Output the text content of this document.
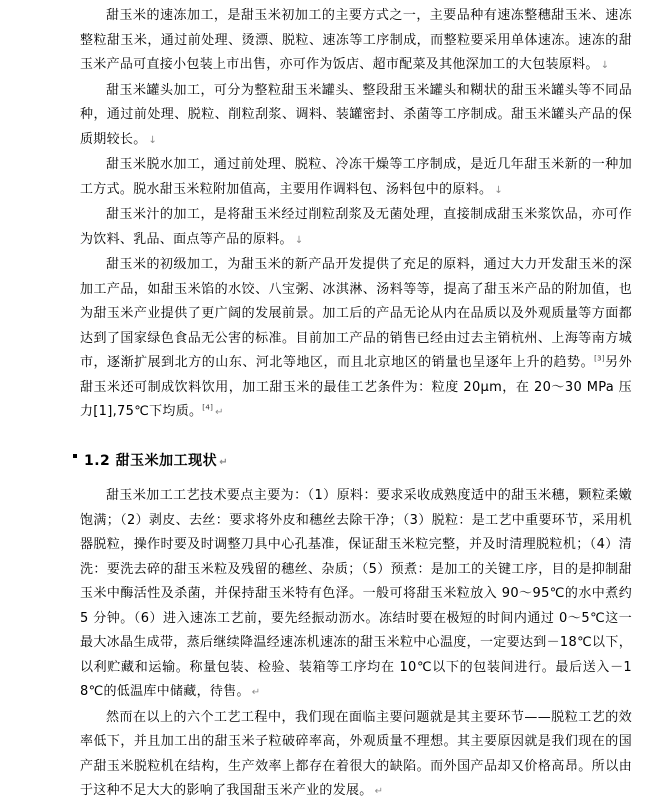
甜玉米的速冻加工，是甜玉米初加工的主要方式之一，主要品种有速冻整穗甜玉米、速冻整粒甜玉米，通过前处理、烫漂、脱粒、速冻等工序制成，而整粒要采用单体速冻。速冻的甜玉米产品可直接小包装上市出售，亦可作为饭店、超市配菜及其他深加工的大包装原料。 ↓

甜玉米罐头加工，可分为整粒甜玉米罐头、整段甜玉米罐头和糊状的甜玉米罐头等不同品种，通过前处理、脱粒、削粒刮浆、调料、装罐密封、杀菌等工序制成。甜玉米罐头产品的保质期较长。 ↓

甜玉米脱水加工，通过前处理、脱粒、冷冻干燥等工序制成，是近几年甜玉米新的一种加工方式。脱水甜玉米粒附加值高，主要用作调料包、汤料包中的原料。 ↓

甜玉米汁的加工，是将甜玉米经过削粒刮浆及无菌处理，直接制成甜玉米浆饮品，亦可作为饮料、乳品、面点等产品的原料。 ↓

甜玉米的初级加工，为甜玉米的新产品开发提供了充足的原料，通过大力开发甜玉米的深加工产品，如甜玉米馅的水饺、八宝粥、冰淇淋、汤料等等，提高了甜玉米产品的附加值，也为甜玉米产业提供了更广阔的发展前景。加工后的产品无论从内在品质以及外观质量等方面都达到了国家绿色食品无公害的标准。目前加工产品的销售已经由过去主销杭州、上海等南方城市，逐渐扩展到北方的山东、河北等地区，而且北京地区的销量也呈逐年上升的趋势。[3]另外甜玉米还可制成饮料饮用，加工甜玉米的最佳工艺条件为：粒度 20μm，在 20～30 MPa 压力[1],75℃下均质。[4] ↵

1.2 甜玉米加工现状 ↵

甜玉米加工工艺技术要点主要为：（1）原料：要求采收成熟度适中的甜玉米穗，颗粒柔嫩饱满；（2）剥皮、去丝：要求将外皮和穗丝去除干净；（3）脱粒：是工艺中重要环节，采用机器脱粒，操作时要及时调整刀具中心孔基准，保证甜玉米粒完整，并及时清理脱粒机；（4）清洗：要洗去碎的甜玉米粒及残留的穗丝、杂质；（5）预煮：是加工的关键工序，目的是抑制甜玉米中酶活性及杀菌，并保持甜玉米特有色泽。一般可将甜玉米粒放入 90～95℃的水中煮约 5 分钟。（6）进入速冻工艺前，要先经振动沥水。冻结时要在极短的时间内通过 0～5℃这一最大冰晶生成带，蒸后继续降温经速冻机速冻的甜玉米粒中心温度，一定要达到－18℃以下，以利贮藏和运输。称量包装、检验、装箱等工序均在 10℃以下的包装间进行。最后送入－18℃的低温库中储藏，待售。 ↵

然而在以上的六个工艺工程中，我们现在面临主要问题就是其主要环节——脱粒工艺的效率低下，并且加工出的甜玉米子粒破碎率高，外观质量不理想。其主要原因就是我们现在的国产甜玉米脱粒机在结构，生产效率上都存在着很大的缺陷。而外国产品却又价格高昂。所以由于这种不足大大的影响了我国甜玉米产业的发展。 ↵
